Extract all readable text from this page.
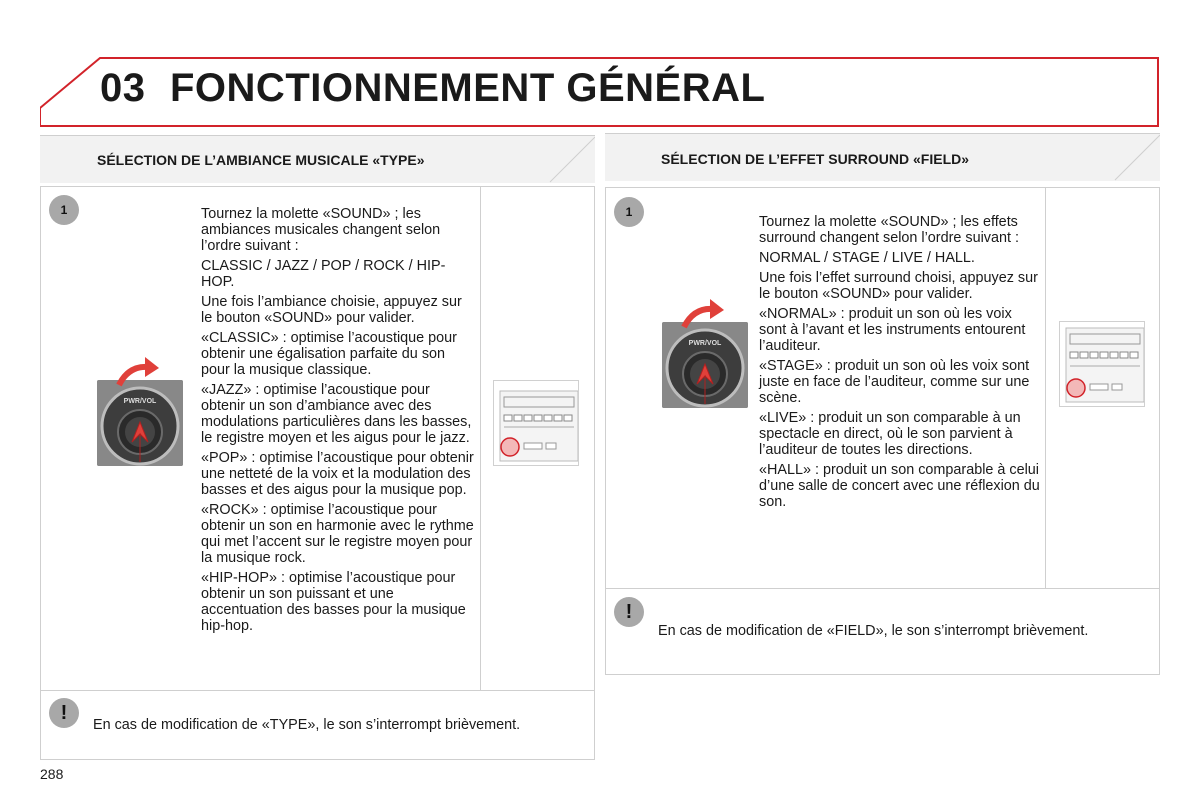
03 FONCTIONNEMENT GÉNÉRAL
SÉLECTION DE L’AMBIANCE MUSICALE «TYPE»
1
PWR/VOL

Tournez la molette «SOUND» ; les ambiances musicales changent selon l’ordre suivant :

CLASSIC / JAZZ / POP / ROCK / HIP-HOP.

Une fois l’ambiance choisie, appuyez sur le bouton «SOUND» pour valider.

«CLASSIC» : optimise l’acoustique pour obtenir une égalisation parfaite du son pour la musique classique.

«JAZZ» : optimise l’acoustique pour obtenir un son d’ambiance avec des modulations particulières dans les basses, le registre moyen et les aigus pour le jazz.

«POP» : optimise l’acoustique pour obtenir une netteté de la voix et la modulation des basses et des aigus pour la musique pop.

«ROCK» : optimise l’acoustique pour obtenir un son en harmonie avec le rythme qui met l’accent sur le registre moyen pour la musique rock.

«HIP-HOP» : optimise l’acoustique pour obtenir un son puissant et une accentuation des basses pour la musique hip-hop.

!
En cas de modification de «TYPE», le son s’interrompt brièvement.
SÉLECTION DE L’EFFET SURROUND «FIELD»
1
PWR/VOL

Tournez la molette «SOUND» ; les effets surround changent selon l’ordre suivant :

NORMAL / STAGE / LIVE / HALL.

Une fois l’effet surround choisi, appuyez sur le bouton «SOUND» pour valider.

«NORMAL» : produit un son où les voix sont à l’avant et les instruments entourent l’auditeur.

«STAGE» : produit un son où les voix sont juste en face de l’auditeur, comme sur une scène.

«LIVE» : produit un son comparable à un spectacle en direct, où le son parvient à l’auditeur de toutes les directions.

«HALL» : produit un son comparable à celui d’une salle de concert avec une réflexion du son.

!
En cas de modification de «FIELD», le son s’interrompt brièvement.
288
